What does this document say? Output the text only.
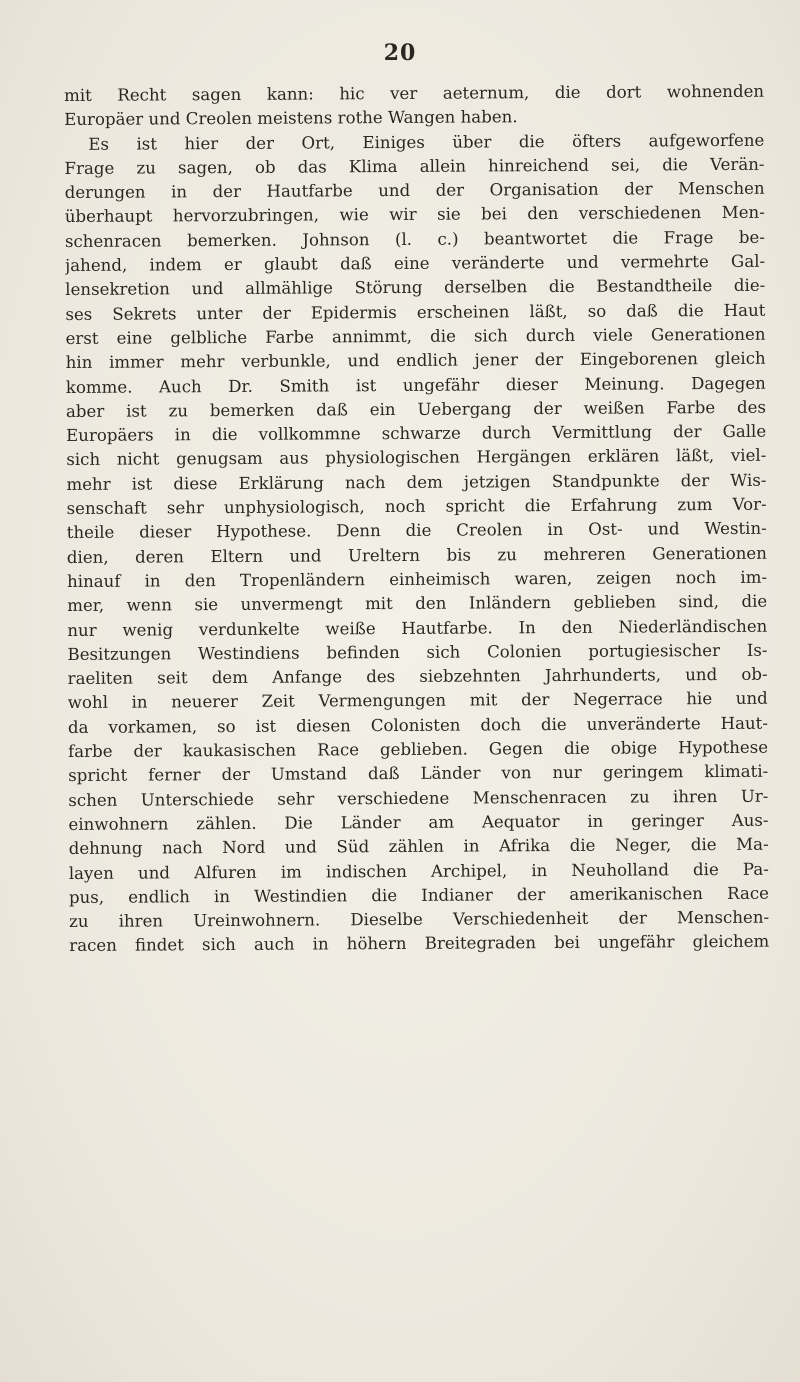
20
mit Recht sagen kann: hic ver aeternum, die dort wohnenden
Europäer und Creolen meistens rothe Wangen haben.
Es ist hier der Ort, Einiges über die öfters aufgeworfene
Frage zu sagen, ob das Klima allein hinreichend sei, die Verän-
derungen in der Hautfarbe und der Organisation der Menschen
überhaupt hervorzubringen, wie wir sie bei den verschiedenen Men-
schenracen bemerken. Johnson (l. c.) beantwortet die Frage be-
jahend, indem er glaubt daß eine veränderte und vermehrte Gal-
lensekretion und allmählige Störung derselben die Bestandtheile die-
ses Sekrets unter der Epidermis erscheinen läßt, so daß die Haut
erst eine gelbliche Farbe annimmt, die sich durch viele Generationen
hin immer mehr verbunkle, und endlich jener der Eingeborenen gleich
komme. Auch Dr. Smith ist ungefähr dieser Meinung. Dagegen
aber ist zu bemerken daß ein Uebergang der weißen Farbe des
Europäers in die vollkommne schwarze durch Vermittlung der Galle
sich nicht genugsam aus physiologischen Hergängen erklären läßt, viel-
mehr ist diese Erklärung nach dem jetzigen Standpunkte der Wis-
senschaft sehr unphysiologisch, noch spricht die Erfahrung zum Vor-
theile dieser Hypothese. Denn die Creolen in Ost- und Westin-
dien, deren Eltern und Ureltern bis zu mehreren Generationen
hinauf in den Tropenländern einheimisch waren, zeigen noch im-
mer, wenn sie unvermengt mit den Inländern geblieben sind, die
nur wenig verdunkelte weiße Hautfarbe. In den Niederländischen
Besitzungen Westindiens befinden sich Colonien portugiesischer Is-
raeliten seit dem Anfange des siebzehnten Jahrhunderts, und ob-
wohl in neuerer Zeit Vermengungen mit der Negerrace hie und
da vorkamen, so ist diesen Colonisten doch die unveränderte Haut-
farbe der kaukasischen Race geblieben. Gegen die obige Hypothese
spricht ferner der Umstand daß Länder von nur geringem klimati-
schen Unterschiede sehr verschiedene Menschenracen zu ihren Ur-
einwohnern zählen. Die Länder am Aequator in geringer Aus-
dehnung nach Nord und Süd zählen in Afrika die Neger, die Ma-
layen und Alfuren im indischen Archipel, in Neuholland die Pa-
pus, endlich in Westindien die Indianer der amerikanischen Race
zu ihren Ureinwohnern. Dieselbe Verschiedenheit der Menschen-
racen findet sich auch in höhern Breitegraden bei ungefähr gleichem
